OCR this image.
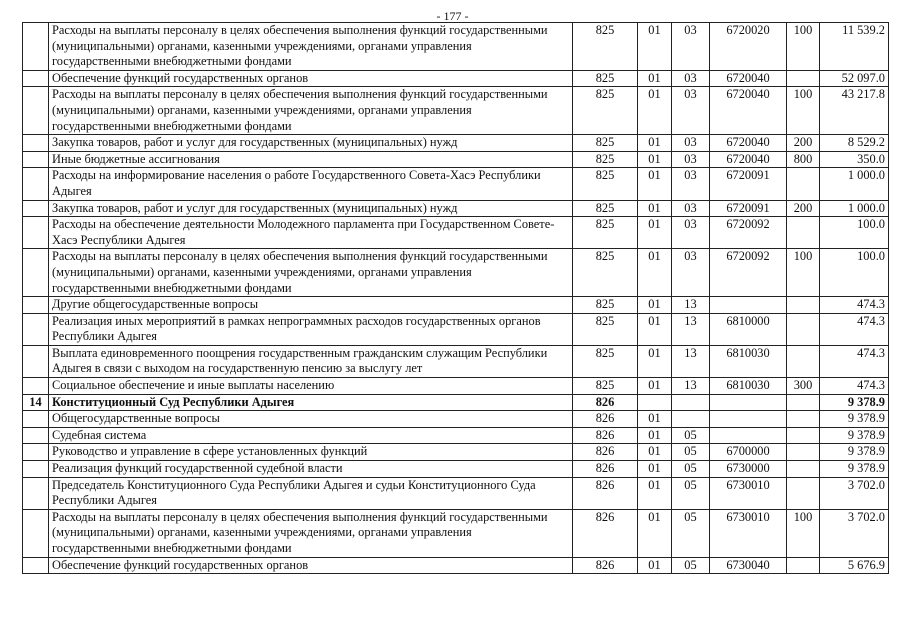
- 177 -
	Расходы на выплаты персоналу в целях обеспечения выполнения функций государственными (муниципальными) органами, казенными учреждениями, органами управления государственными внебюджетными фондами	825	01	03	6720020	100	11 539.2
	Обеспечение функций государственных органов	825	01	03	6720040		52 097.0
	Расходы на выплаты персоналу в целях обеспечения выполнения функций государственными (муниципальными) органами, казенными учреждениями, органами управления государственными внебюджетными фондами	825	01	03	6720040	100	43 217.8
	Закупка товаров, работ и услуг для государственных (муниципальных) нужд	825	01	03	6720040	200	8 529.2
	Иные бюджетные ассигнования	825	01	03	6720040	800	350.0
	Расходы на информирование населения о работе Государственного Совета-Хасэ Республики Адыгея	825	01	03	6720091		1 000.0
	Закупка товаров, работ и услуг для государственных (муниципальных) нужд	825	01	03	6720091	200	1 000.0
	Расходы на обеспечение деятельности Молодежного парламента при Государственном Совете-Хасэ Республики Адыгея	825	01	03	6720092		100.0
	Расходы на выплаты персоналу в целях обеспечения выполнения функций государственными (муниципальными) органами, казенными учреждениями, органами управления государственными внебюджетными фондами	825	01	03	6720092	100	100.0
	Другие общегосударственные вопросы	825	01	13			474.3
	Реализация иных мероприятий в рамках непрограммных расходов государственных органов Республики Адыгея	825	01	13	6810000		474.3
	Выплата единовременного поощрения государственным гражданским служащим Республики Адыгея в связи с выходом на государственную пенсию за выслугу лет	825	01	13	6810030		474.3
	Социальное обеспечение и иные выплаты населению	825	01	13	6810030	300	474.3
14	Конституционный Суд Республики Адыгея	826					9 378.9
	Общегосударственные вопросы	826	01				9 378.9
	Судебная система	826	01	05			9 378.9
	Руководство и управление в сфере установленных функций	826	01	05	6700000		9 378.9
	Реализация функций государственной судебной власти	826	01	05	6730000		9 378.9
	Председатель Конституционного Суда Республики Адыгея и судьи Конституционного Суда Республики Адыгея	826	01	05	6730010		3 702.0
	Расходы на выплаты персоналу в целях обеспечения выполнения функций государственными (муниципальными) органами, казенными учреждениями, органами управления государственными внебюджетными фондами	826	01	05	6730010	100	3 702.0
	Обеспечение функций государственных органов	826	01	05	6730040		5 676.9
